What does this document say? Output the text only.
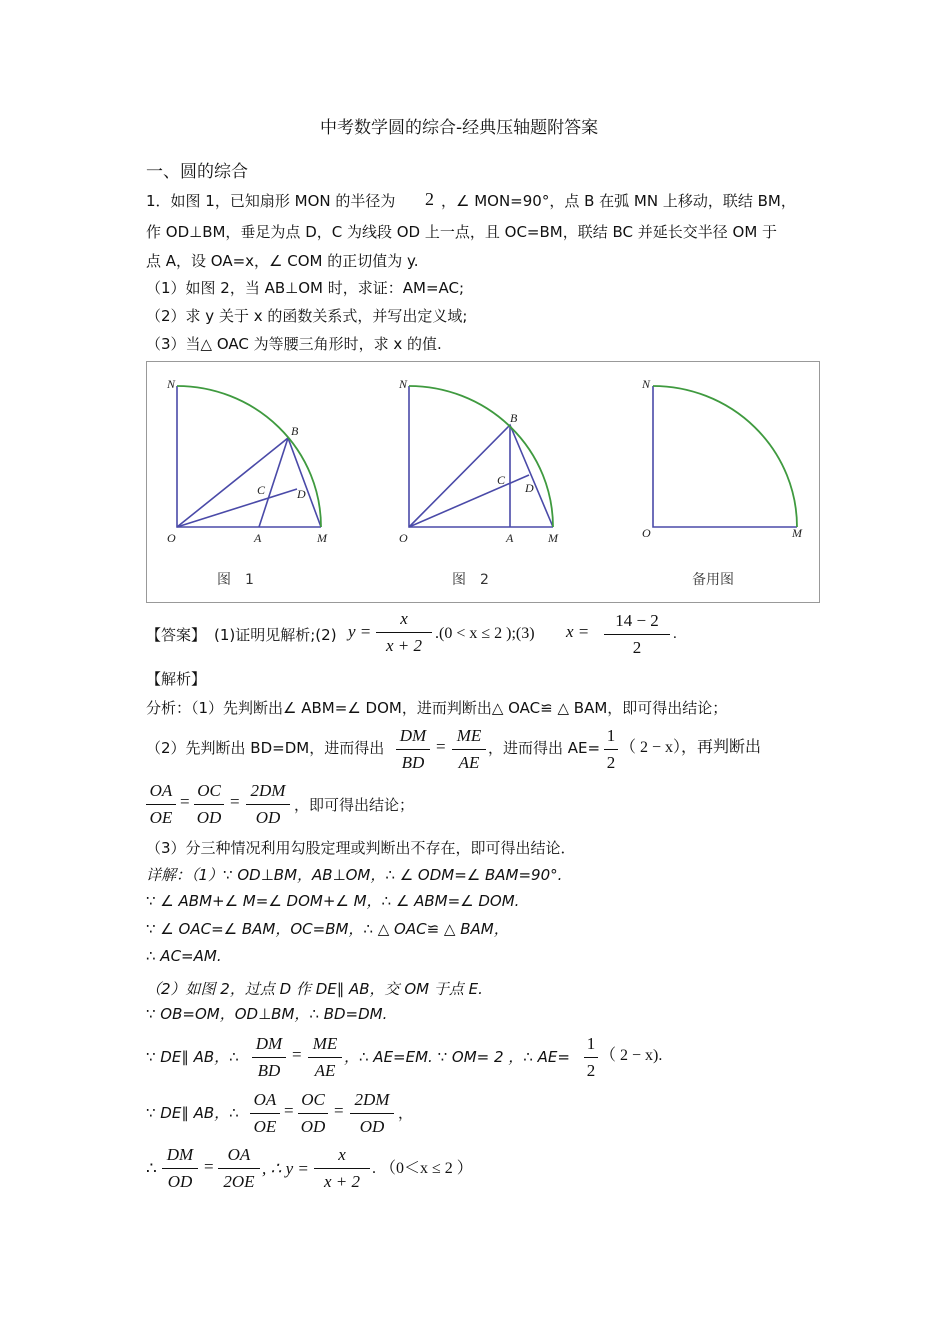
中考数学圆的综合-经典压轴题附答案
一、圆的综合
1．如图 1，已知扇形 MON 的半径为 2 ，∠ MON=90°，点 B 在弧 MN 上移动，联结 BM，
作 OD⊥BM，垂足为点 D，C 为线段 OD 上一点，且 OC=BM，联结 BC 并延长交半径 OM 于
点 A，设 OA=x，∠ COM 的正切值为 y.
（1）如图 2，当 AB⊥OM 时，求证：AM=AC;
（2）求 y 关于 x 的函数关系式，并写出定义域;
（3）当△ OAC 为等腰三角形时，求 x 的值.
N
O	A	M
B
C	D
N
O	A	M
B
C
D
N
O	M
图　1	图　2	备用图
【答案】 (1)证明见解析;(2) y =
x
x + 2
.(0 < x ≤ 2 );(3) x =
14 − 2
2
.
【解析】
分析：（1）先判断出∠ ABM=∠ DOM，进而判断出△ OAC≌ △ BAM，即可得出结论；
（2）先判断出 BD=DM，进而得出
DM
BD
=
ME
AE
，进而得出 AE=
1
2
（ 2 − x），再判断出
OA
OE
=
OC
OD
=
2DM
OD
，即可得出结论；
（3）分三种情况利用勾股定理或判断出不存在，即可得出结论．
详解：（1）∵ OD⊥BM，AB⊥OM，∴ ∠ ODM=∠ BAM=90°.
∵ ∠ ABM+∠ M=∠ DOM+∠ M，∴ ∠ ABM=∠ DOM.
∵ ∠ OAC=∠ BAM，OC=BM，∴ △ OAC≌ △ BAM，
∴ AC=AM.
（2）如图 2，过点 D 作 DE∥ AB，交 OM 于点 E.
∵ OB=OM，OD⊥BM，∴ BD=DM.
∵ DE∥ AB，∴
DM
BD
=
ME
AE
，∴ AE=EM. ∵ OM= 2 ，∴ AE=
1
2
（ 2 − x).
∵ DE∥ AB，∴
OA
OE
=
OC
OD
=
2DM
OD
，
∴
DM
OD
=
OA
2OE
, ∴ y =
x
x + 2
. （0＜x ≤ 2 ）
